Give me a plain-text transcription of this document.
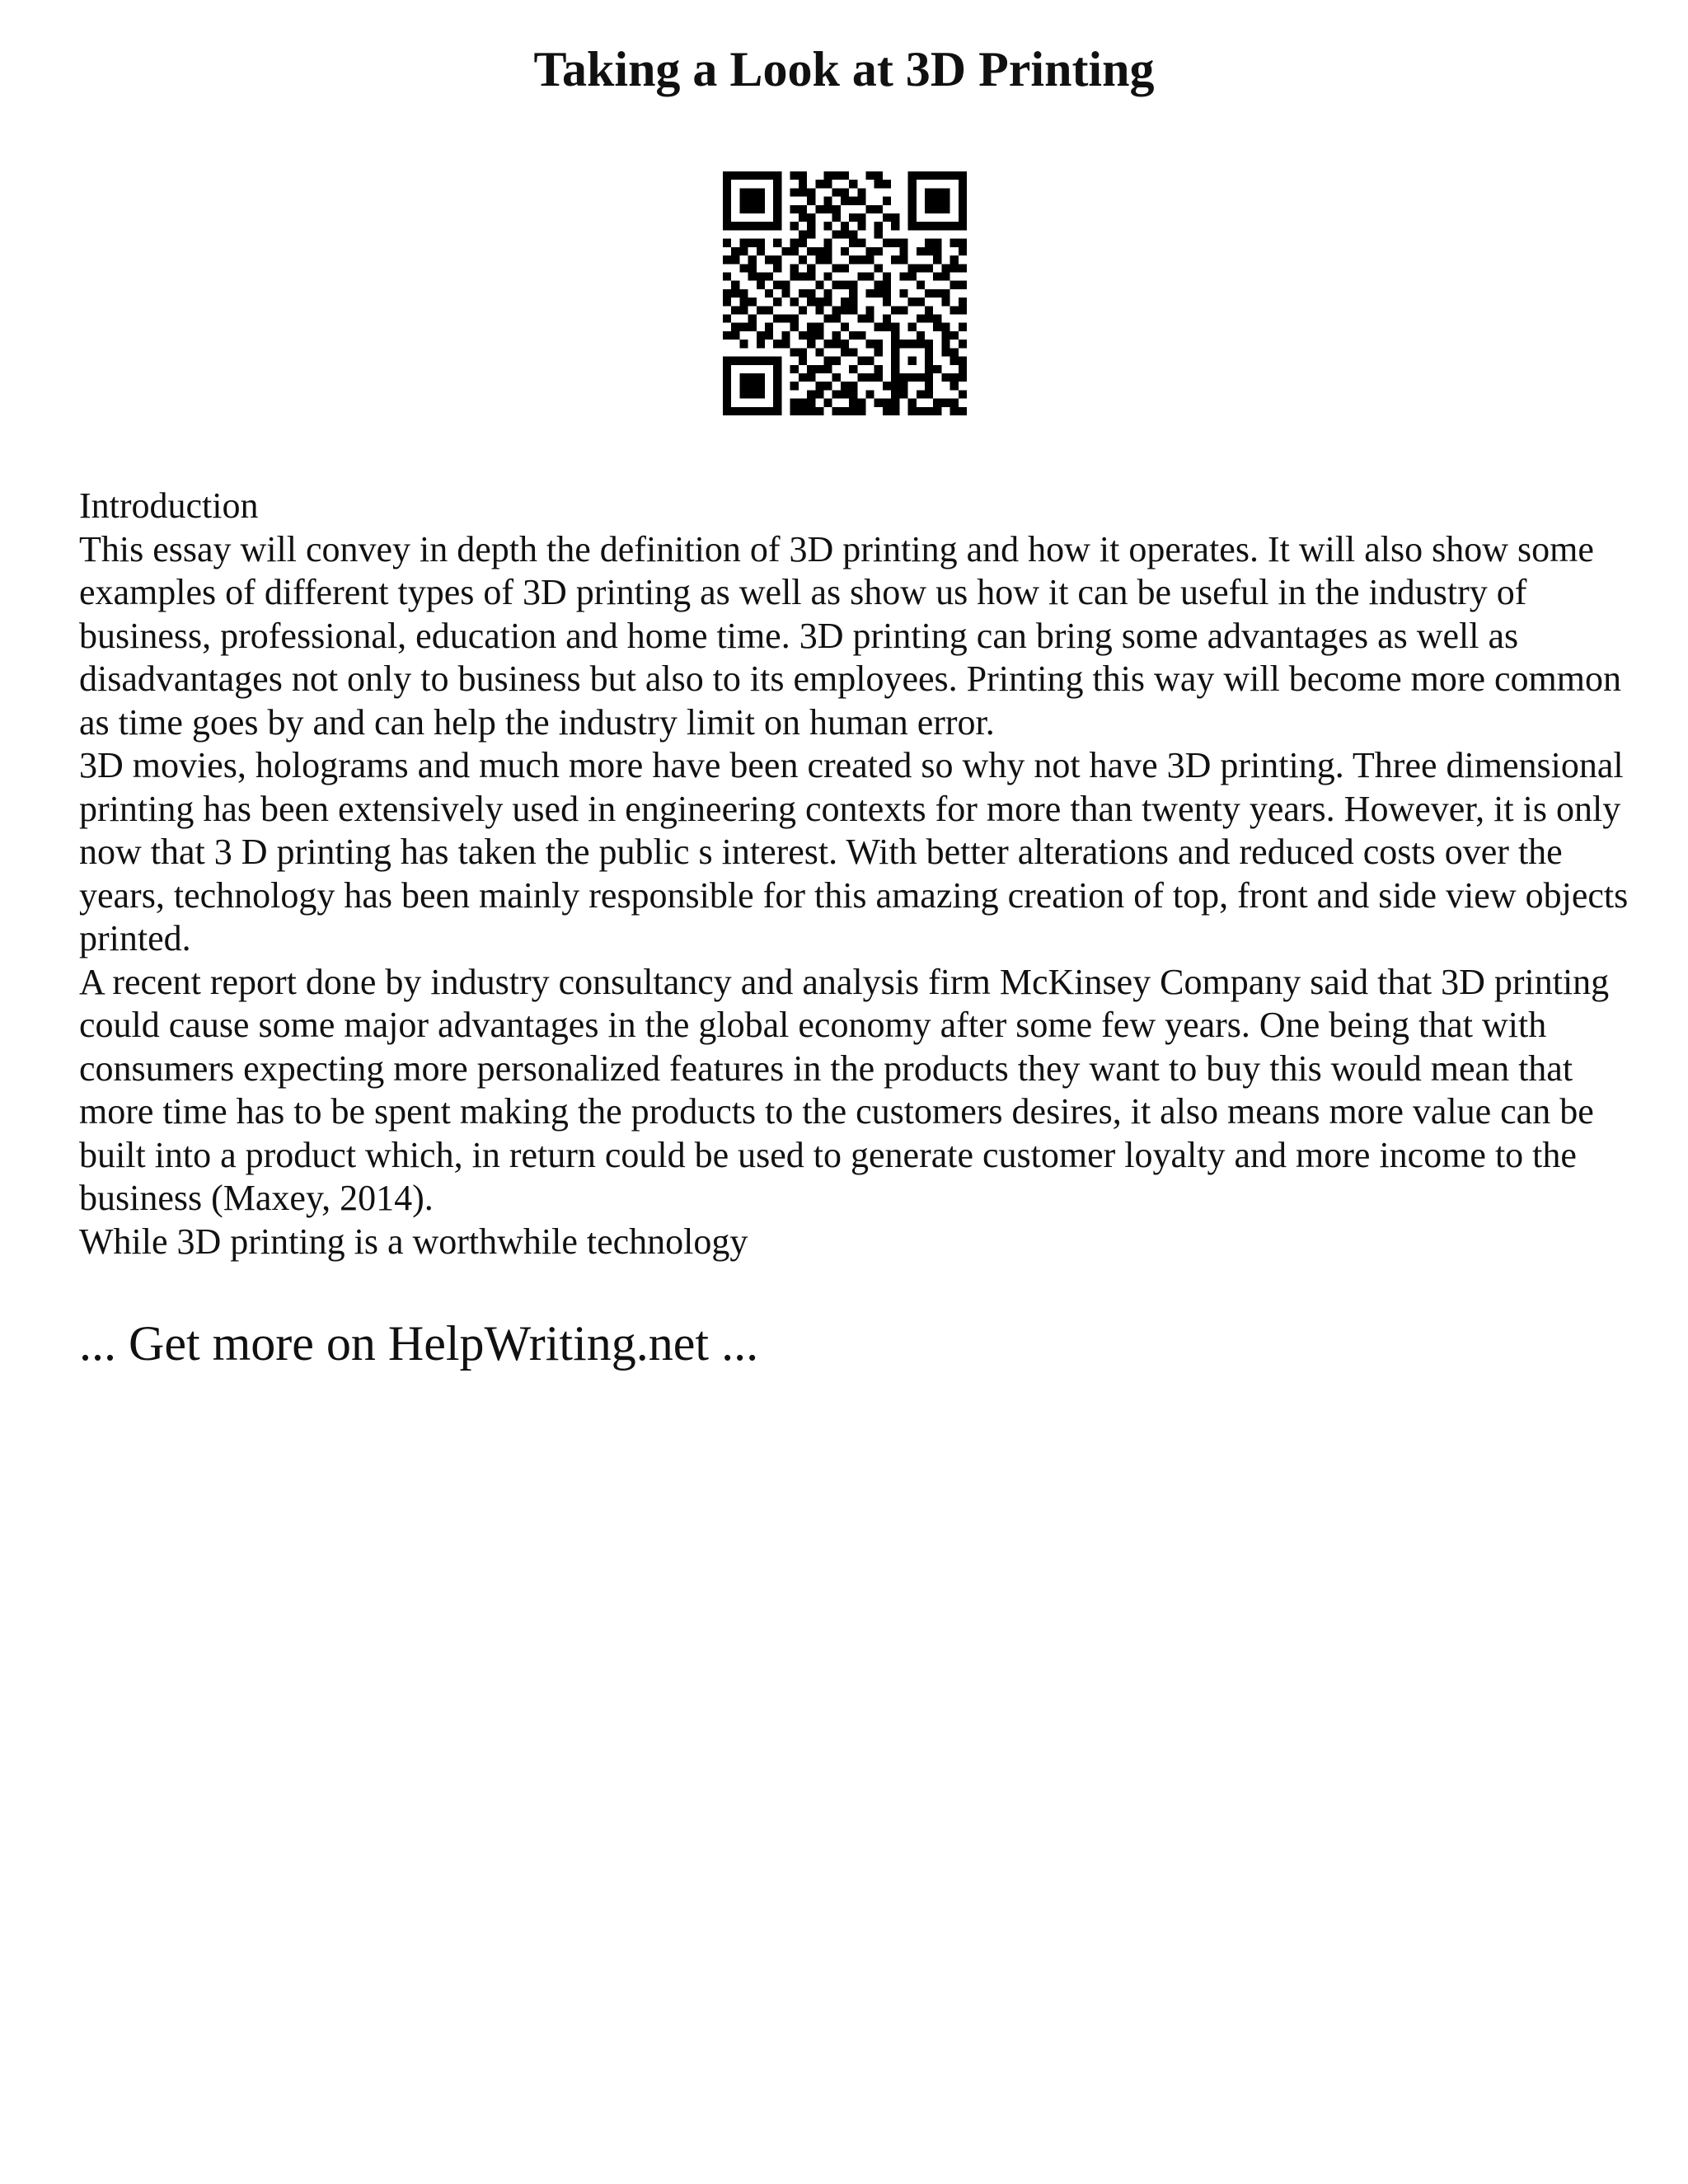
Taking a Look at 3D Printing

Introduction

This essay will convey in depth the definition of 3D printing and how it operates. It will also show some examples of different types of 3D printing as well as show us how it can be useful in the industry of business, professional, education and home time. 3D printing can bring some advantages as well as disadvantages not only to business but also to its employees. Printing this way will become more common as time goes by and can help the industry limit on human error.

3D movies, holograms and much more have been created so why not have 3D printing. Three dimensional printing has been extensively used in engineering contexts for more than twenty years. However, it is only now that 3 D printing has taken the public s interest. With better alterations and reduced costs over the years, technology has been mainly responsible for this amazing creation of top, front and side view objects printed.

A recent report done by industry consultancy and analysis firm McKinsey Company said that 3D printing could cause some major advantages in the global economy after some few years. One being that with consumers expecting more personalized features in the products they want to buy this would mean that more time has to be spent making the products to the customers desires, it also means more value can be built into a product which, in return could be used to generate customer loyalty and more income to the business (Maxey, 2014).

While 3D printing is a worthwhile technology

... Get more on HelpWriting.net ...
